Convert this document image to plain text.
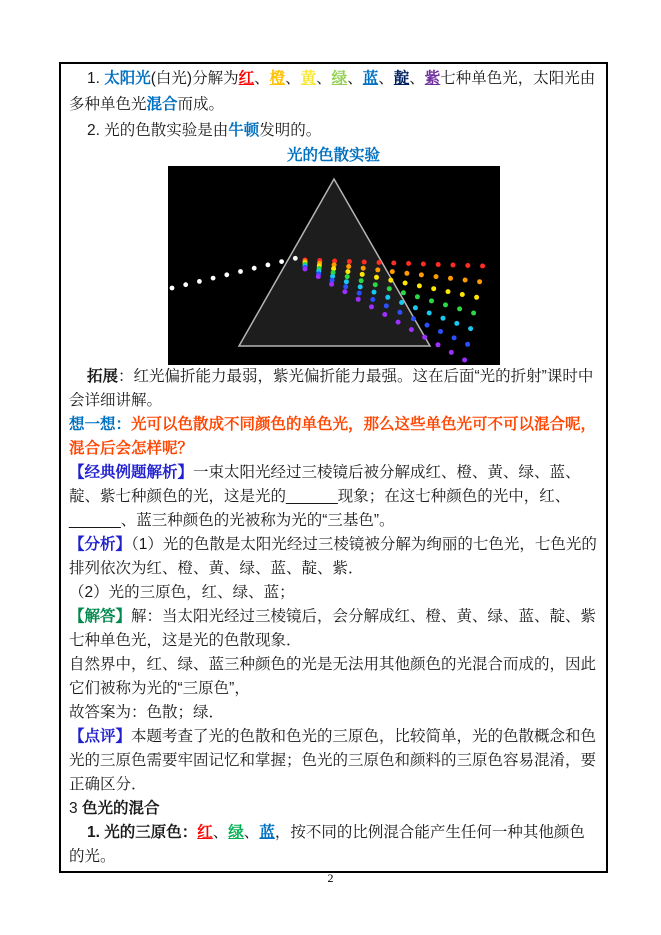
1. 太阳光(白光)分解为红、橙、黄、绿、蓝、靛、紫七种单色光，太阳光由多种单色光混合而成。

2. 光的色散实验是由牛顿发明的。

光的色散实验

拓展：红光偏折能力最弱，紫光偏折能力最强。这在后面“光的折射”课时中会详细讲解。

想一想：光可以色散成不同颜色的单色光，那么这些单色光可不可以混合呢，混合后会怎样呢？

【经典例题解析】一束太阳光经过三棱镜后被分解成红、橙、黄、绿、蓝、靛、紫七种颜色的光，这是光的______现象；在这七种颜色的光中，红、______、蓝三种颜色的光被称为光的“三基色”。

【分析】（1）光的色散是太阳光经过三棱镜被分解为绚丽的七色光，七色光的排列依次为红、橙、黄、绿、蓝、靛、紫．

（2）光的三原色，红、绿、蓝；

【解答】解：当太阳光经过三棱镜后，会分解成红、橙、黄、绿、蓝、靛、紫七种单色光，这是光的色散现象．

自然界中，红、绿、蓝三种颜色的光是无法用其他颜色的光混合而成的，因此它们被称为光的“三原色”，

故答案为：色散；绿．

【点评】本题考查了光的色散和色光的三原色，比较简单，光的色散概念和色光的三原色需要牢固记忆和掌握；色光的三原色和颜料的三原色容易混淆，要正确区分．

3 色光的混合

1. 光的三原色：红、绿、蓝，按不同的比例混合能产生任何一种其他颜色的光。

2
